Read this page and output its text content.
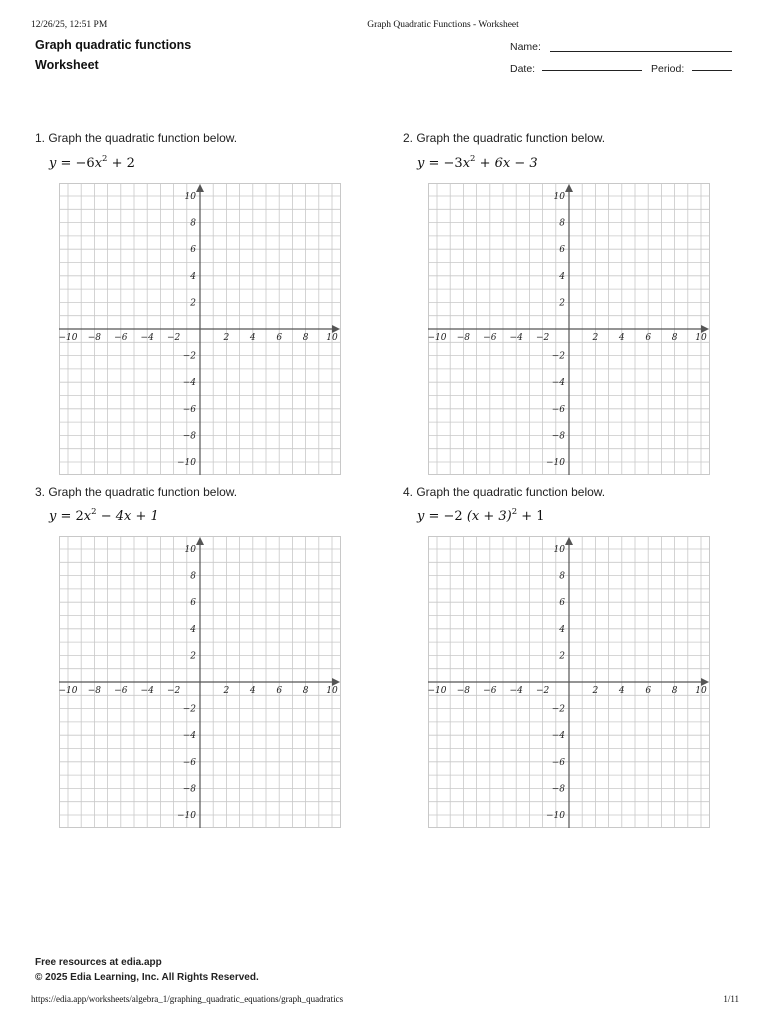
12/26/25, 12:51 PM	Graph Quadratic Functions - Worksheet
Graph quadratic functions
Worksheet
Name:
Date:	Period:
1. Graph the quadratic function below.
$y = -6x^2 + 2$
−10 −8 −6 −4 −2	2 4 6 8 10
10
8
6
4
2
−2
−4
−6
−8
−10
2. Graph the quadratic function below.
$y = -3x^2 + 6x - 3$
−10 −8 −6 −4 −2	2 4 6 8 10
10
8
6
4
2
−2
−4
−6
−8
−10
3. Graph the quadratic function below.
$y = 2x^2 - 4x + 1$
−10 −8 −6 −4 −2	2 4 6 8 10
10
8
6
4
2
−2
−4
−6
−8
−10
4. Graph the quadratic function below.
y = −2 $(x + 3)^2 + 1$
−10 −8 −6 −4 −2	2 4 6 8 10
10
8
6
4
2
−2
−4
−6
−8
−10
Free resources at edia.app
© 2025 Edia Learning, Inc. All Rights Reserved.
https://edia.app/worksheets/algebra_1/graphing_quadratic_equations/graph_quadratics	1/11
